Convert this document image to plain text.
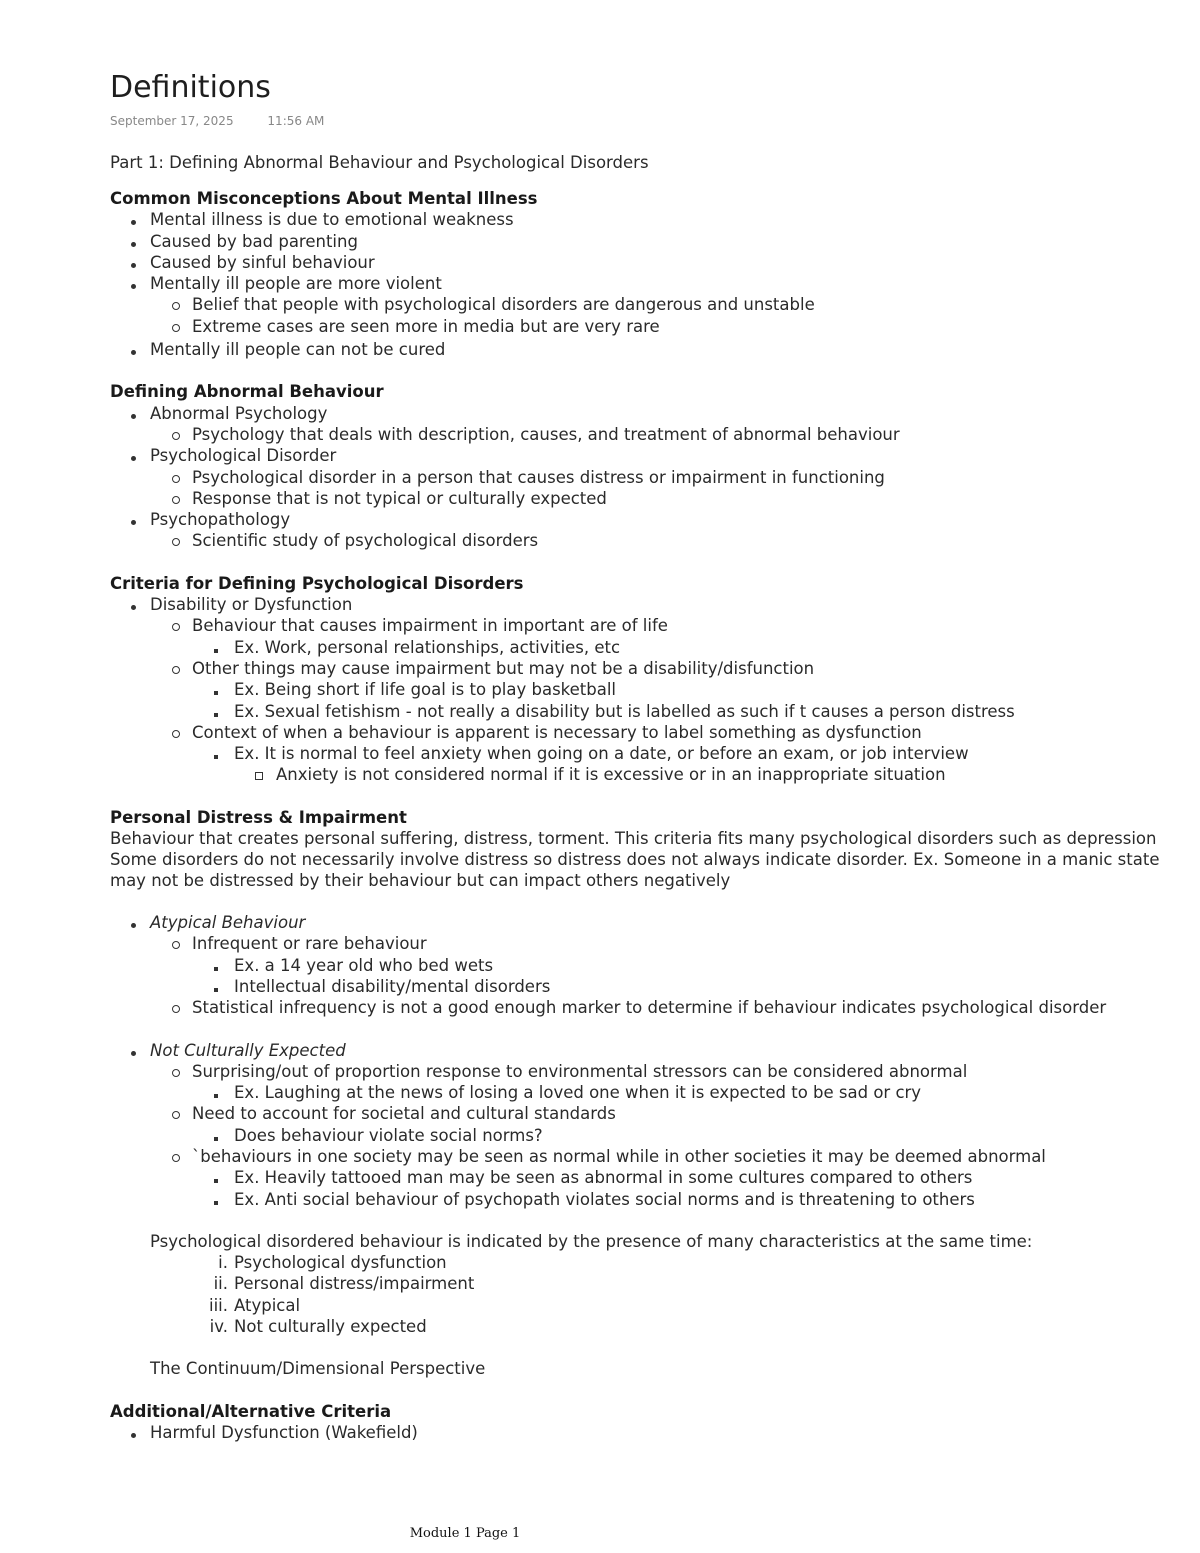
Definitions
September 17, 2025	11:56 AM
Part 1: Defining Abnormal Behaviour and Psychological Disorders
Common Misconceptions About Mental Illness
Mental illness is due to emotional weakness
Caused by bad parenting
Caused by sinful behaviour
Mentally ill people are more violent
Belief that people with psychological disorders are dangerous and unstable
Extreme cases are seen more in media but are very rare
Mentally ill people can not be cured
Defining Abnormal Behaviour
Abnormal Psychology
Psychology that deals with description, causes, and treatment of abnormal behaviour
Psychological Disorder
Psychological disorder in a person that causes distress or impairment in functioning
Response that is not typical or culturally expected
Psychopathology
Scientific study of psychological disorders
Criteria for Defining Psychological Disorders
Disability or Dysfunction
Behaviour that causes impairment in important are of life
Ex. Work, personal relationships, activities, etc
Other things may cause impairment but may not be a disability/disfunction
Ex. Being short if life goal is to play basketball
Ex. Sexual fetishism - not really a disability but is labelled as such if t causes a person distress
Context of when a behaviour is apparent is necessary to label something as dysfunction
Ex. It is normal to feel anxiety when going on a date, or before an exam, or job interview
Anxiety is not considered normal if it is excessive or in an inappropriate situation
Personal Distress & Impairment
Behaviour that creates personal suffering, distress, torment. This criteria fits many psychological disorders such as depression
Some disorders do not necessarily involve distress so distress does not always indicate disorder. Ex. Someone in a manic state may not be distressed by their behaviour but can impact others negatively
Atypical Behaviour
Infrequent or rare behaviour
Ex. a 14 year old who bed wets
Intellectual disability/mental disorders
Statistical infrequency is not a good enough marker to determine if behaviour indicates psychological disorder
Not Culturally Expected
Surprising/out of proportion response to environmental stressors can be considered abnormal
Ex. Laughing at the news of losing a loved one when it is expected to be sad or cry
Need to account for societal and cultural standards
Does behaviour violate social norms?
`behaviours in one society may be seen as normal while in other societies it may be deemed abnormal
Ex. Heavily tattooed man may be seen as abnormal in some cultures compared to others
Ex. Anti social behaviour of psychopath violates social norms and is threatening to others
Psychological disordered behaviour is indicated by the presence of many characteristics at the same time:
i. Psychological dysfunction
ii. Personal distress/impairment
iii. Atypical
iv. Not culturally expected
The Continuum/Dimensional Perspective
Additional/Alternative Criteria
Harmful Dysfunction (Wakefield)
Module 1 Page 1
